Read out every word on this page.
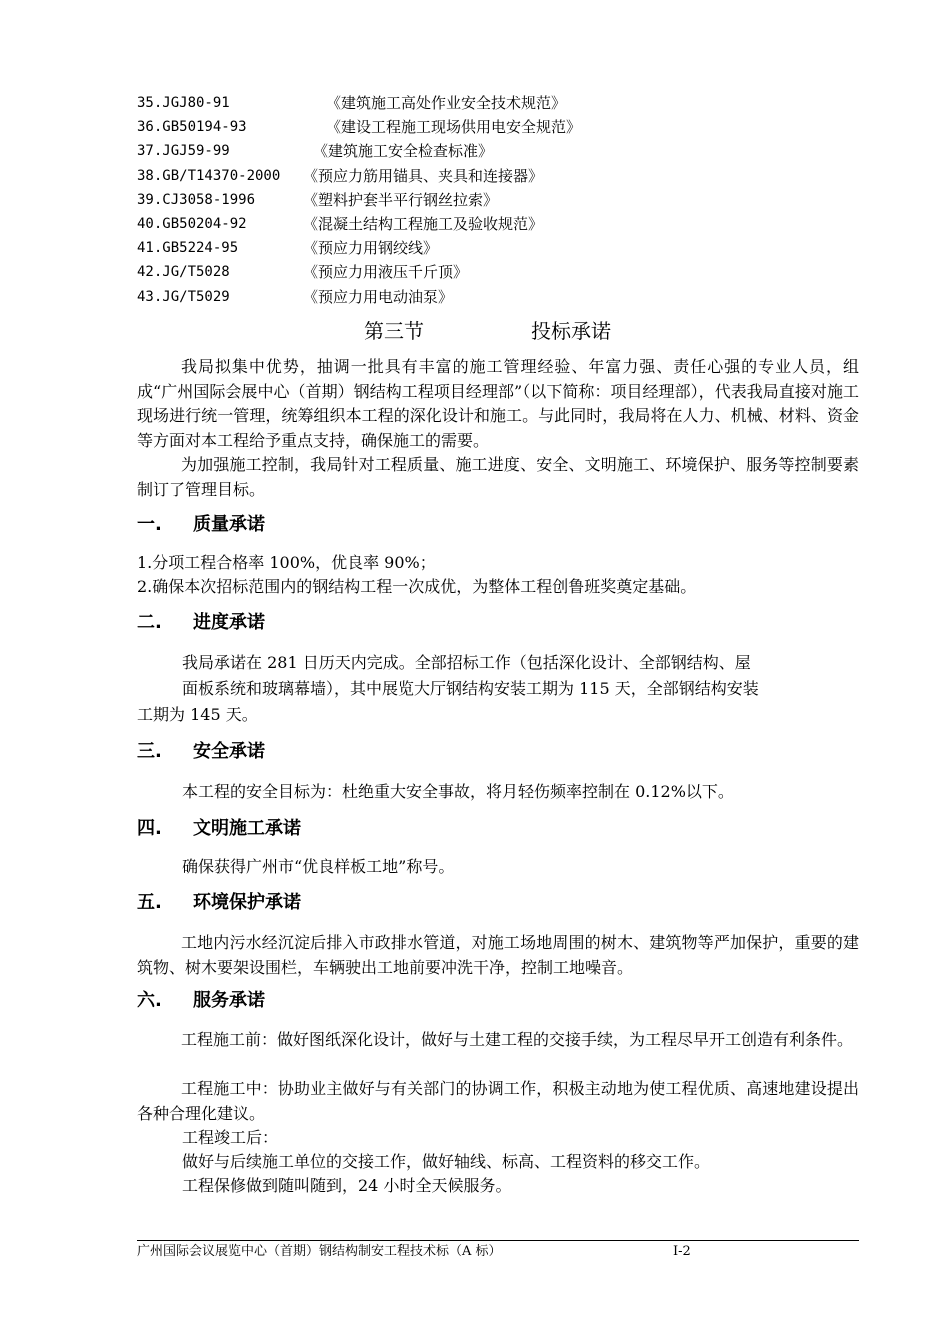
35.JGJ80-91	《建筑施工高处作业安全技术规范》
36.GB50194-93	《建设工程施工现场供用电安全规范》
37.JGJ59-99	《建筑施工安全检查标准》
38.GB/T14370-2000 《预应力筋用锚具、夹具和连接器》
39.CJ3058-1996	《塑料护套半平行钢丝拉索》
40.GB50204-92	《混凝土结构工程施工及验收规范》
41.GB5224-95	《预应力用钢绞线》
42.JG/T5028	《预应力用液压千斤顶》
43.JG/T5029	《预应力用电动油泵》
第三节	投标承诺
我局拟集中优势，抽调一批具有丰富的施工管理经验、年富力强、责任心强的专业人员，组成“广州国际会展中心（首期）钢结构工程项目经理部”（以下简称：项目经理部），代表我局直接对施工现场进行统一管理，统筹组织本工程的深化设计和施工。与此同时，我局将在人力、机械、材料、资金等方面对本工程给予重点支持，确保施工的需要。
为加强施工控制，我局针对工程质量、施工进度、安全、文明施工、环境保护、服务等控制要素制订了管理目标。
一. 质量承诺
1.分项工程合格率 100%，优良率 90%；
2.确保本次招标范围内的钢结构工程一次成优，为整体工程创鲁班奖奠定基础。
二. 进度承诺
我局承诺在 281 日历天内完成。全部招标工作（包括深化设计、全部钢结构、屋
面板系统和玻璃幕墙），其中展览大厅钢结构安装工期为 115 天，全部钢结构安装
工期为 145 天。
三. 安全承诺
本工程的安全目标为：杜绝重大安全事故，将月轻伤频率控制在 0.12%以下。
四. 文明施工承诺
确保获得广州市“优良样板工地”称号。
五. 环境保护承诺
工地内污水经沉淀后排入市政排水管道，对施工场地周围的树木、建筑物等严加保护，重要的建筑物、树木要架设围栏，车辆驶出工地前要冲洗干净，控制工地噪音。
六. 服务承诺
工程施工前：做好图纸深化设计，做好与土建工程的交接手续，为工程尽早开工创造有利条件。
工程施工中：协助业主做好与有关部门的协调工作，积极主动地为使工程优质、高速地建设提出各种合理化建议。
工程竣工后：
做好与后续施工单位的交接工作，做好轴线、标高、工程资料的移交工作。
工程保修做到随叫随到，24 小时全天候服务。
广州国际会议展览中心（首期）钢结构制安工程技术标（A 标）	Ⅰ-2
